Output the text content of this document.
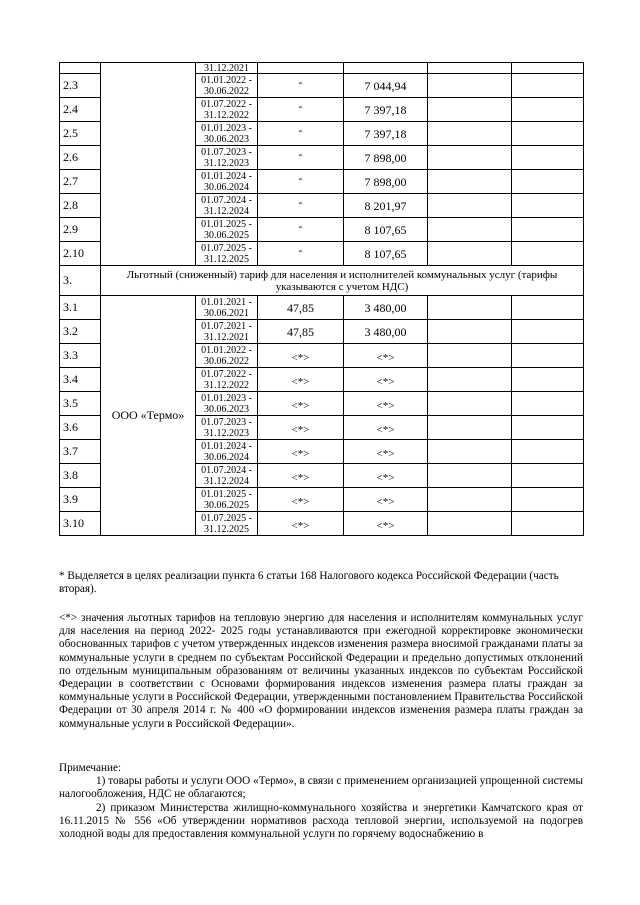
		31.12.2021				
2.3		01.01.2022 -
30.06.2022	-	7 044,94		

2.4		01.07.2022 -
31.12.2022	-	7 397,18		

2.5		01.01.2023 -
30.06.2023	-	7 397,18		

2.6		01.07.2023 -
31.12.2023	-	7 898,00		

2.7		01.01.2024 -
30.06.2024	-	7 898,00		

2.8		01.07.2024 -
31.12.2024	-	8 201,97		

2.9		01.01.2025 -
30.06.2025	-	8 107,65		

2.10		01.07.2025 -
31.12.2025	-	8 107,65		

3.	Льготный (сниженный) тариф для населения и исполнителей коммунальных услуг (тарифы указываются с учетом НДС)					
3.1	ООО «Термо»	01.01.2021 -
30.06.2021	47,85	3 480,00		

3.2		01.07.2021 -
31.12.2021	47,85	3 480,00		

3.3		01.01.2022 -
30.06.2022	<*>	<*>		

3.4		01.07.2022 -
31.12.2022	<*>	<*>		

3.5		01.01.2023 -
30.06.2023	<*>	<*>		

3.6		01.07.2023 -
31.12.2023	<*>	<*>		

3.7		01.01.2024 -
30.06.2024	<*>	<*>		

3.8		01.07.2024 -
31.12.2024	<*>	<*>		

3.9		01.01.2025 -
30.06.2025	<*>	<*>		

3.10		01.07.2025 -
31.12.2025	<*>	<*>		

* Выделяется в целях реализации пункта 6 статьи 168 Налогового кодекса Российской Федерации (часть вторая).

<*> значения льготных тарифов на тепловую энергию для населения и исполнителям коммунальных услуг для населения на период 2022- 2025 годы устанавливаются при ежегодной корректировке экономически обоснованных тарифов с учетом утвержденных индексов изменения размера вносимой гражданами платы за коммунальные услуги в среднем по субъектам Российской Федерации и предельно допустимых отклонений по отдельным муниципальным образованиям от величины указанных индексов по субъектам Российской Федерации в соответствии с Основами формирования индексов изменения размера платы граждан за коммунальные услуги в Российской Федерации, утвержденными постановлением Правительства Российской Федерации от 30 апреля 2014 г. № 400 «О формировании индексов изменения размера платы граждан за коммунальные услуги в Российской Федерации».

Примечание:

1) товары работы и услуги ООО «Термо», в связи с применением организацией упрощенной системы налогообложения, НДС не облагаются;

2) приказом Министерства жилищно-коммунального хозяйства и энергетики Камчатского края от 16.11.2015 № 556 «Об утверждении нормативов расхода тепловой энергии, используемой на подогрев холодной воды для предоставления коммунальной услуги по горячему водоснабжению в
